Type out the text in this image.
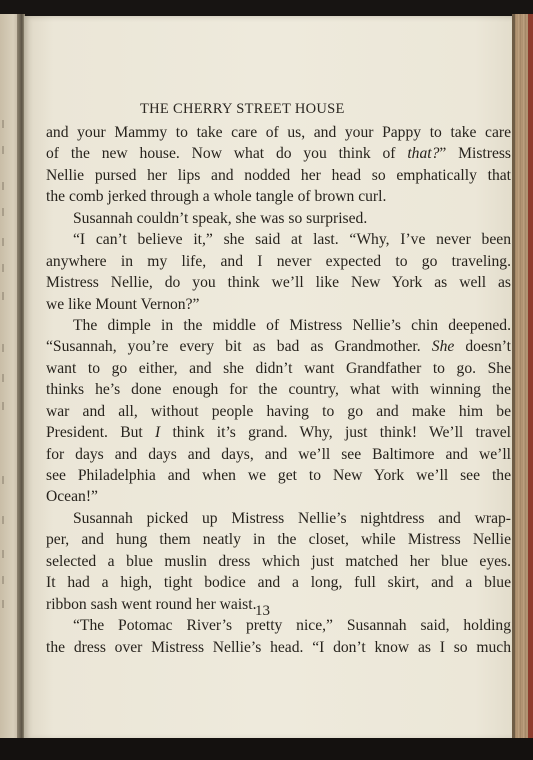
THE CHERRY STREET HOUSE

and your Mammy to take care of us, and your Pappy to take care
of the new house. Now what do you think of that?” Mistress
Nellie pursed her lips and nodded her head so emphatically that
the comb jerked through a whole tangle of brown curl.

Susannah couldn’t speak, she was so surprised.

“I can’t believe it,” she said at last. “Why, I’ve never been
anywhere in my life, and I never expected to go traveling.
Mistress Nellie, do you think we’ll like New York as well as
we like Mount Vernon?”

The dimple in the middle of Mistress Nellie’s chin deepened.
“Susannah, you’re every bit as bad as Grandmother. She doesn’t
want to go either, and she didn’t want Grandfather to go. She
thinks he’s done enough for the country, what with winning the
war and all, without people having to go and make him be
President. But I think it’s grand. Why, just think! We’ll travel
for days and days and days, and we’ll see Baltimore and we’ll
see Philadelphia and when we get to New York we’ll see the
Ocean!”

Susannah picked up Mistress Nellie’s nightdress and wrap-
per, and hung them neatly in the closet, while Mistress Nellie
selected a blue muslin dress which just matched her blue eyes.
It had a high, tight bodice and a long, full skirt, and a blue
ribbon sash went round her waist.

“The Potomac River’s pretty nice,” Susannah said, holding
the dress over Mistress Nellie’s head. “I don’t know as I so much

13
